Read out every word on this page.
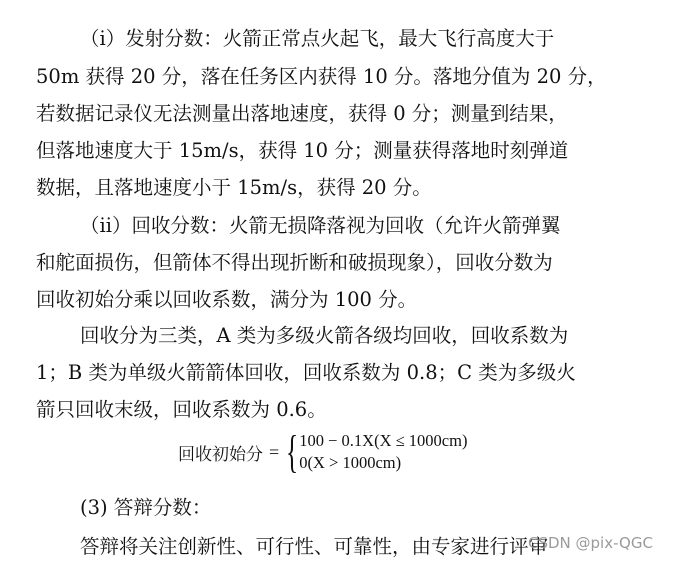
（i）发射分数：火箭正常点火起飞，最大飞行高度大于

50m 获得 20 分，落在任务区内获得 10 分。落地分值为 20 分，

若数据记录仪无法测量出落地速度，获得 0 分；测量到结果，

但落地速度大于 15m/s，获得 10 分；测量获得落地时刻弹道

数据，且落地速度小于 15m/s，获得 20 分。

（ii）回收分数：火箭无损降落视为回收（允许火箭弹翼

和舵面损伤，但箭体不得出现折断和破损现象），回收分数为

回收初始分乘以回收系数，满分为 100 分。

回收分为三类，A 类为多级火箭各级均回收，回收系数为

1；B 类为单级火箭箭体回收，回收系数为 0.8；C 类为多级火

箭只回收末级，回收系数为 0.6。

回收初始分 = { 100 − 0.1X(X ≤ 1000cm)
0(X > 1000cm)

(3) 答辩分数：

答辩将关注创新性、可行性、可靠性，由专家进行评审

CSDN @pix-QGC
